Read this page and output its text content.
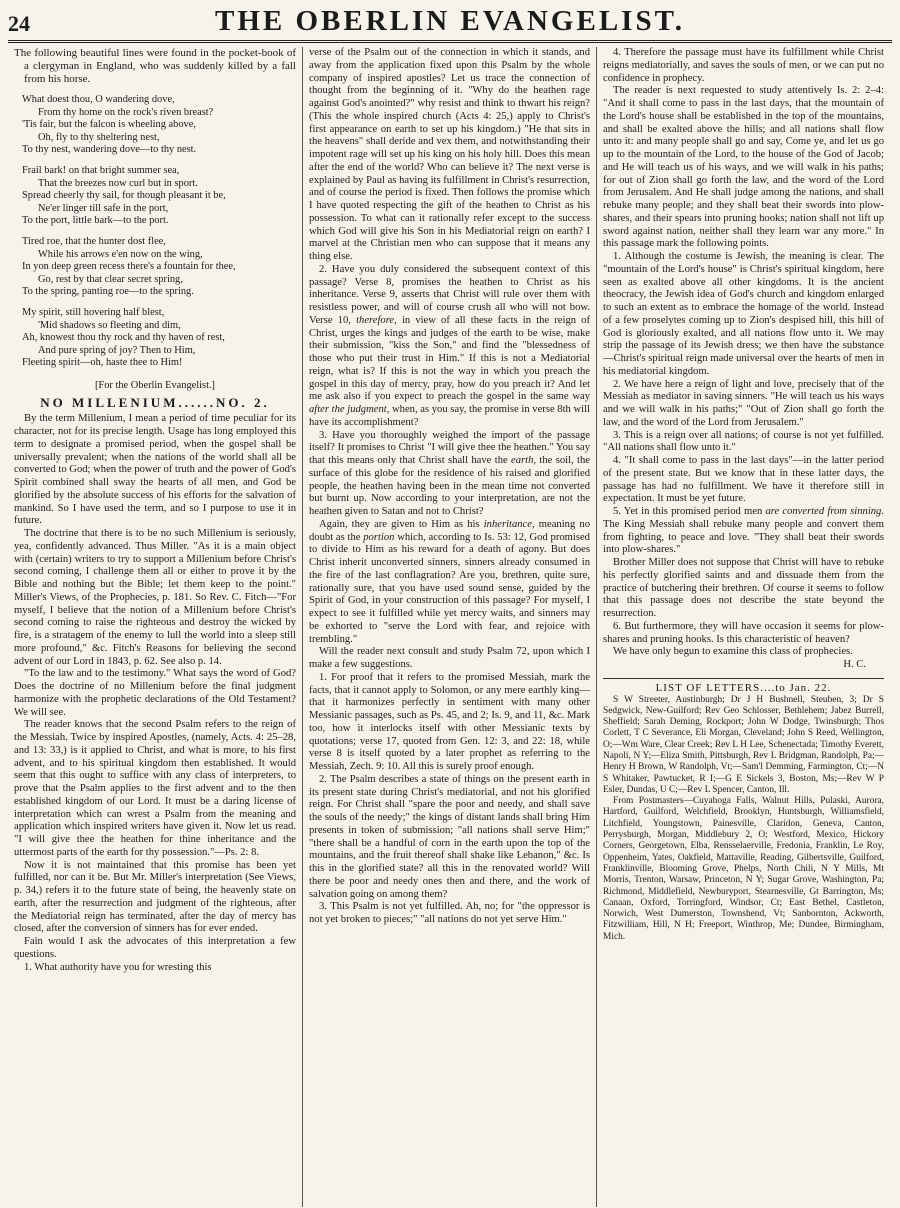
24	THE OBERLIN EVANGELIST.

The following beautiful lines were found in the pocket-book of a clergyman in England, who was suddenly killed by a fall from his horse.

What doest thou, O wandering dove,
From thy home on the rock's riven breast?
'Tis fair, but the falcon is wheeling above,
Oh, fly to thy sheltering nest,
To thy nest, wandering dove—to thy nest.
Frail bark! on that bright summer sea,
That the breezes now curl but in sport.
Spread cheerly thy sail, for though pleasant it be,
Ne'er linger till safe in the port,
To the port, little bark—to the port.
Tired roe, that the hunter dost flee,
While his arrows e'en now on the wing,
In yon deep green recess there's a fountain for thee,
Go, rest by that clear secret spring,
To the spring, panting roe—to the spring.
My spirit, still hovering half blest,
'Mid shadows so fleeting and dim,
Ah, knowest thou thy rock and thy haven of rest,
And pure spring of joy? Then to Him,
Fleeting spirit—oh, haste thee to Him!
[For the Oberlin Evangelist.]
NO MILLENIUM......NO. 2.

By the term Millenium, I mean a period of time peculiar for its character, not for its precise length. Usage has long employed this term to designate a promised period, when the gospel shall be universally prevalent; when the nations of the world shall all be converted to God; when the power of truth and the power of God's Spirit combined shall sway the hearts of all men, and God be glorified by the absolute success of his efforts for the salvation of mankind. So I have used the term, and so I purpose to use it in future.

The doctrine that there is to be no such Millenium is seriously, yea, confidently advanced. Thus Miller. "As it is a main object with (certain) writers to try to support a Millenium before Christ's second coming, I challenge them all or either to prove it by the Bible and nothing but the Bible; let them keep to the point." Miller's Views, of the Prophecies, p. 181. So Rev. C. Fitch—"For myself, I believe that the notion of a Millenium before Christ's second coming to raise the righteous and destroy the wicked by fire, is a stratagem of the enemy to lull the world into a sleep still more profound," &c. Fitch's Reasons for believing the second advent of our Lord in 1843, p. 62. See also p. 14.

"To the law and to the testimony." What says the word of God? Does the doctrine of no Millenium before the final judgment harmonize with the prophetic declarations of the Old Testament? We will see.

The reader knows that the second Psalm refers to the reign of the Messiah. Twice by inspired Apostles, (namely, Acts. 4: 25–28, and 13: 33,) is it applied to Christ, and what is more, to his first advent, and to his spiritual kingdom then established. It would seem that this ought to suffice with any class of interpreters, to prove that the Psalm applies to the first advent and to the then established kingdom of our Lord. It must be a daring license of interpretation which can wrest a Psalm from the meaning and application which inspired writers have given it. Now let us read. "I will give thee the heathen for thine inheritance and the uttermost parts of the earth for thy possession."—Ps. 2: 8.

Now it is not maintained that this promise has been yet fulfilled, nor can it be. But Mr. Miller's interpretation (See Views, p. 34,) refers it to the future state of being, the heavenly state on earth, after the resurrection and judgment of the righteous, after the Mediatorial reign has terminated, after the day of mercy has closed, after the conversion of sinners has for ever ended.

Fain would I ask the advocates of this interpretation a few questions.

1. What authority have you for wresting this

verse of the Psalm out of the connection in which it stands, and away from the application fixed upon this Psalm by the whole company of inspired apostles? Let us trace the connection of thought from the beginning of it. "Why do the heathen rage against God's anointed?" why resist and think to thwart his reign? (This the whole inspired church (Acts 4: 25,) apply to Christ's first appearance on earth to set up his kingdom.) "He that sits in the heavens" shall deride and vex them, and notwithstanding their impotent rage will set up his king on his holy hill. Does this mean after the end of the world? Who can believe it? The next verse is explained by Paul as having its fulfillment in Christ's resurrection, and of course the period is fixed. Then follows the promise which I have quoted respecting the gift of the heathen to Christ as his possession. To what can it rationally refer except to the success which God will give his Son in his Mediatorial reign on earth? I marvel at the Christian men who can suppose that it means any thing else.

2. Have you duly considered the subsequent context of this passage? Verse 8, promises the heathen to Christ as his inheritance. Verse 9, asserts that Christ will rule over them with resistless power, and will of course crush all who will not bow. Verse 10, therefore, in view of all these facts in the reign of Christ, urges the kings and judges of the earth to be wise, make their submission, "kiss the Son," and find the "blessedness of those who put their trust in Him." If this is not a Mediatorial reign, what is? If this is not the way in which you preach the gospel in this day of mercy, pray, how do you preach it? And let me ask also if you expect to preach the gospel in the same way after the judgment, when, as you say, the promise in verse 8th will have its accomplishment?

3. Have you thoroughly weighed the import of the passage itself? It promises to Christ "I will give thee the heathen." You say that this means only that Christ shall have the earth, the soil, the surface of this globe for the residence of his raised and glorified people, the heathen having been in the mean time not converted but burnt up. Now according to your interpretation, are not the heathen given to Satan and not to Christ?

Again, they are given to Him as his inheritance, meaning no doubt as the portion which, according to Is. 53: 12, God promised to divide to Him as his reward for a death of agony. But does Christ inherit unconverted sinners, sinners already consumed in the fire of the last conflagration? Are you, brethren, quite sure, rationally sure, that you have used sound sense, guided by the Spirit of God, in your construction of this passage? For myself, I expect to see it fulfilled while yet mercy waits, and sinners may be exhorted to "serve the Lord with fear, and rejoice with trembling."

Will the reader next consult and study Psalm 72, upon which I make a few suggestions.

1. For proof that it refers to the promised Messiah, mark the facts, that it cannot apply to Solomon, or any mere earthly king—that it harmonizes perfectly in sentiment with many other Messianic passages, such as Ps. 45, and 2; Is. 9, and 11, &c. Mark too, how it interlocks itself with other Messianic texts by quotations; verse 17, quoted from Gen. 12: 3, and 22: 18, while verse 8 is itself quoted by a later prophet as referring to the Messiah, Zech. 9: 10. All this is surely proof enough.

2. The Psalm describes a state of things on the present earth in its present state during Christ's mediatorial, and not his glorified reign. For Christ shall "spare the poor and needy, and shall save the souls of the needy;" the kings of distant lands shall bring Him presents in token of submission; "all nations shall serve Him;" "there shall be a handful of corn in the earth upon the top of the mountains, and the fruit thereof shall shake like Lebanon," &c. Is this in the glorified state? all this in the renovated world? Will there be poor and needy ones then and there, and the work of salvation going on among them?

3. This Psalm is not yet fulfilled. Ah, no; for "the oppressor is not yet broken to pieces;" "all nations do not yet serve Him."

4. Therefore the passage must have its fulfillment while Christ reigns mediatorially, and saves the souls of men, or we can put no confidence in prophecy.

The reader is next requested to study attentively Is. 2: 2–4: "And it shall come to pass in the last days, that the mountain of the Lord's house shall be established in the top of the mountains, and shall be exalted above the hills; and all nations shall flow unto it: and many people shall go and say, Come ye, and let us go up to the mountain of the Lord, to the house of the God of Jacob; and He will teach us of his ways, and we will walk in his paths; for out of Zion shall go forth the law, and the word of the Lord from Jerusalem. And He shall judge among the nations, and shall rebuke many people; and they shall beat their swords into plow-shares, and their spears into pruning hooks; nation shall not lift up sword against nation, neither shall they learn war any more." In this passage mark the following points.

1. Although the costume is Jewish, the meaning is clear. The "mountain of the Lord's house" is Christ's spiritual kingdom, here seen as exalted above all other kingdoms. It is the ancient theocracy, the Jewish idea of God's church and kingdom enlarged to such an extent as to embrace the homage of the world. Instead of a few proselytes coming up to Zion's despised hill, this hill of God is gloriously exalted, and all nations flow unto it. We may strip the passage of its Jewish dress; we then have the substance—Christ's spiritual reign made universal over the hearts of men in his mediatorial kingdom.

2. We have here a reign of light and love, precisely that of the Messiah as mediator in saving sinners. "He will teach us his ways and we will walk in his paths;" "Out of Zion shall go forth the law, and the word of the Lord from Jerusalem."

3. This is a reign over all nations; of course is not yet fulfilled. "All nations shall flow unto it."

4. "It shall come to pass in the last days"—in the latter period of the present state. But we know that in these latter days, the passage has had no fulfillment. We have it therefore still in expectation. It must be yet future.

5. Yet in this promised period men are converted from sinning. The King Messiah shall rebuke many people and convert them from fighting, to peace and love. "They shall beat their swords into plow-shares."

Brother Miller does not suppose that Christ will have to rebuke his perfectly glorified saints and and dissuade them from the practice of butchering their brethren. Of course it seems to follow that this passage does not describe the state beyond the resurrection.

6. But furthermore, they will have occasion it seems for plow-shares and pruning hooks. Is this characteristic of heaven?

We have only begun to examine this class of prophecies.

H. C.
LIST OF LETTERS....to Jan. 22.

S W Streeter, Austinburgh; Dr J H Bushnell, Steuben, 3; Dr S Sedgwick, New-Guilford; Rev Geo Schlosser, Bethlehem; Jabez Burrell, Sheffield; Sarah Deming, Rockport; John W Dodge, Twinsburgh; Thos Corlett, T C Severance, Eli Morgan, Cleveland; John S Reed, Wellington, O;—Wm Ware, Clear Creek; Rev L H Lee, Schenectada; Timothy Everett, Napoli, N Y;—Eliza Smith, Pittsburgh, Rev L Bridgman, Randolph, Pa;—Henry H Brown, W Randolph, Vt;—Sam'l Demming, Farmington, Ct;—N S Whitaker, Pawtucket, R I;—G E Sickels 3, Boston, Ms;—Rev W P Esler, Dundas, U C;—Rev L Spencer, Canton, Ill.

From Postmasters—Cuyahoga Falls, Walnut Hills, Pulaski, Aurora, Hartford, Guilford, Welchfield, Brooklyn, Huntsburgh, Williamsfield, Litchfield, Youngstown, Painesville, Claridon, Geneva, Canton, Perrysburgh, Morgan, Middlebury 2, O; Westford, Mexico, Hickory Corners, Georgetown, Elba, Rensselaerville, Fredonia, Franklin, Le Roy, Oppenheim, Yates, Oakfield, Mattaville, Reading, Gilbertsville, Guilford, Franklinville, Blooming Grove, Phelps, North Chili, N Y Mills, Mt Morris, Trenton, Warsaw, Princeton, N Y; Sugar Grove, Washington, Pa; Richmond, Middlefield, Newburyport, Stearnesville, Gt Barrington, Ms; Canaan, Oxford, Torringford, Windsor, Ct; East Bethel, Castleton, Norwich, West Dumerston, Townshend, Vt; Sanbornton, Ackworth, Fitzwilliam, Hill, N H; Freeport, Winthrop, Me; Dundee, Birmingham, Mich.
